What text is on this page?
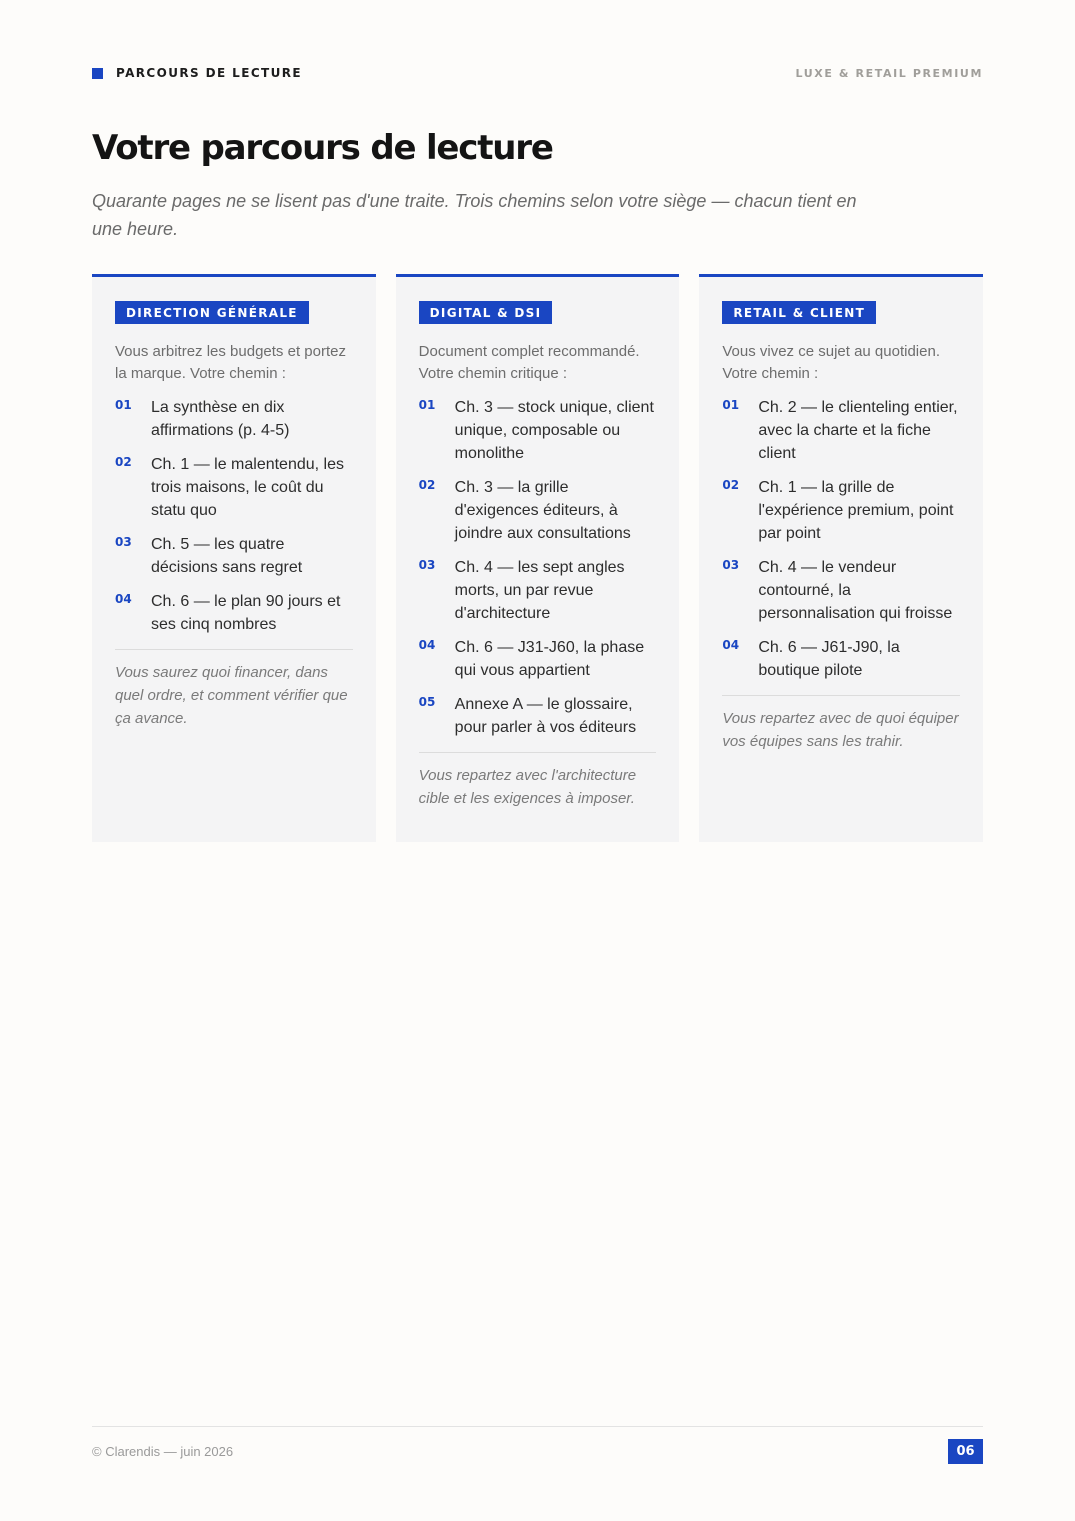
PARCOURS DE LECTURE	LUXE & RETAIL PREMIUM
Votre parcours de lecture

Quarante pages ne se lisent pas d'une traite. Trois chemins selon votre siège — chacun tient en une heure.

DIRECTION GÉNÉRALE

Vous arbitrez les budgets et portez la marque. Votre chemin :

01	La synthèse en dix affirmations (p. 4-5)
02	Ch. 1 — le malentendu, les trois maisons, le coût du statu quo
03	Ch. 5 — les quatre décisions sans regret
04	Ch. 6 — le plan 90 jours et ses cinq nombres

Vous saurez quoi financer, dans quel ordre, et comment vérifier que ça avance.

DIGITAL & DSI

Document complet recommandé. Votre chemin critique :

01	Ch. 3 — stock unique, client unique, composable ou monolithe
02	Ch. 3 — la grille d'exigences éditeurs, à joindre aux consultations
03	Ch. 4 — les sept angles morts, un par revue d'architecture
04	Ch. 6 — J31-J60, la phase qui vous appartient
05	Annexe A — le glossaire, pour parler à vos éditeurs

Vous repartez avec l'architecture cible et les exigences à imposer.

RETAIL & CLIENT

Vous vivez ce sujet au quotidien. Votre chemin :

01	Ch. 2 — le clienteling entier, avec la charte et la fiche client
02	Ch. 1 — la grille de l'expérience premium, point par point
03	Ch. 4 — le vendeur contourné, la personnalisation qui froisse
04	Ch. 6 — J61-J90, la boutique pilote

Vous repartez avec de quoi équiper vos équipes sans les trahir.

© Clarendis — juin 2026	06
